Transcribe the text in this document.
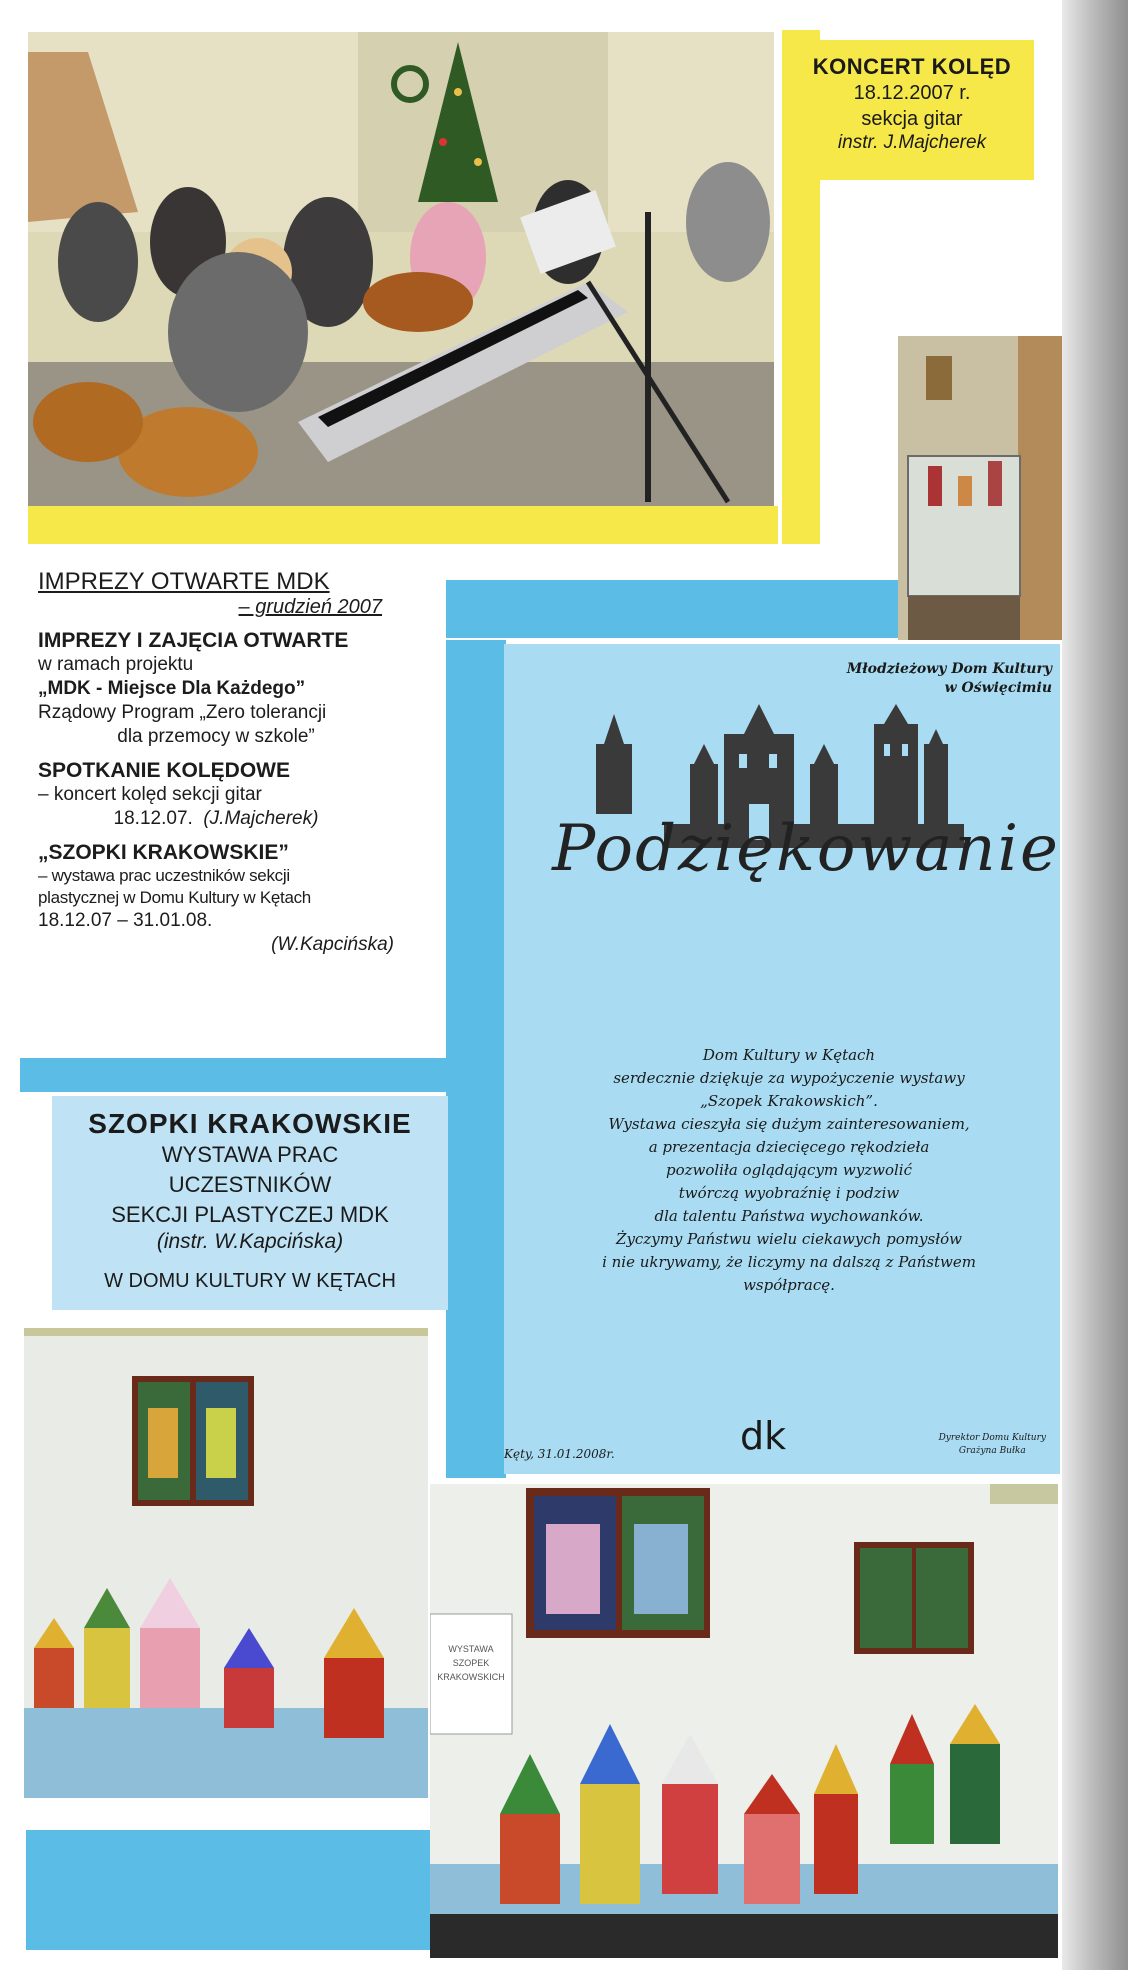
KONCERT KOLĘD
18.12.2007 r.
sekcja gitar
instr. J.Majcherek
IMPREZY OTWARTE MDK
– grudzień 2007
IMPREZY I ZAJĘCIA OTWARTE
w ramach projektu
„MDK - Miejsce Dla Każdego”
Rządowy Program „Zero tolerancji
dla przemocy w szkole”
SPOTKANIE KOLĘDOWE
– koncert kolęd sekcji gitar
18.12.07. (J.Majcherek)
„SZOPKI KRAKOWSKIE”
– wystawa prac uczestników sekcji
plastycznej w Domu Kultury w Kętach
18.12.07 – 31.01.08.
(W.Kapcińska)
SZOPKI KRAKOWSKIE
WYSTAWA PRAC
UCZESTNIKÓW
SEKCJI PLASTYCZEJ MDK
(instr. W.Kapcińska)
W DOMU KULTURY W KĘTACH
Młodzieżowy Dom Kultury
w Oświęcimiu
Podziękowanie
Dom Kultury w Kętach
serdecznie dziękuje za wypożyczenie wystawy
„Szopek Krakowskich”.
Wystawa cieszyła się dużym zainteresowaniem,
a prezentacja dziecięcego rękodzieła
pozwoliła oglądającym wyzwolić
twórczą wyobraźnię i podziw
dla talentu Państwa wychowanków.
Życzymy Państwu wielu ciekawych pomysłów
i nie ukrywamy, że liczymy na dalszą z Państwem
współpracę.
Kęty, 31.01.2008r.	dk	Dyrektor Domu Kultury
Grażyna Bułka
WYSTAWA
SZOPEK
KRAKOWSKICH
